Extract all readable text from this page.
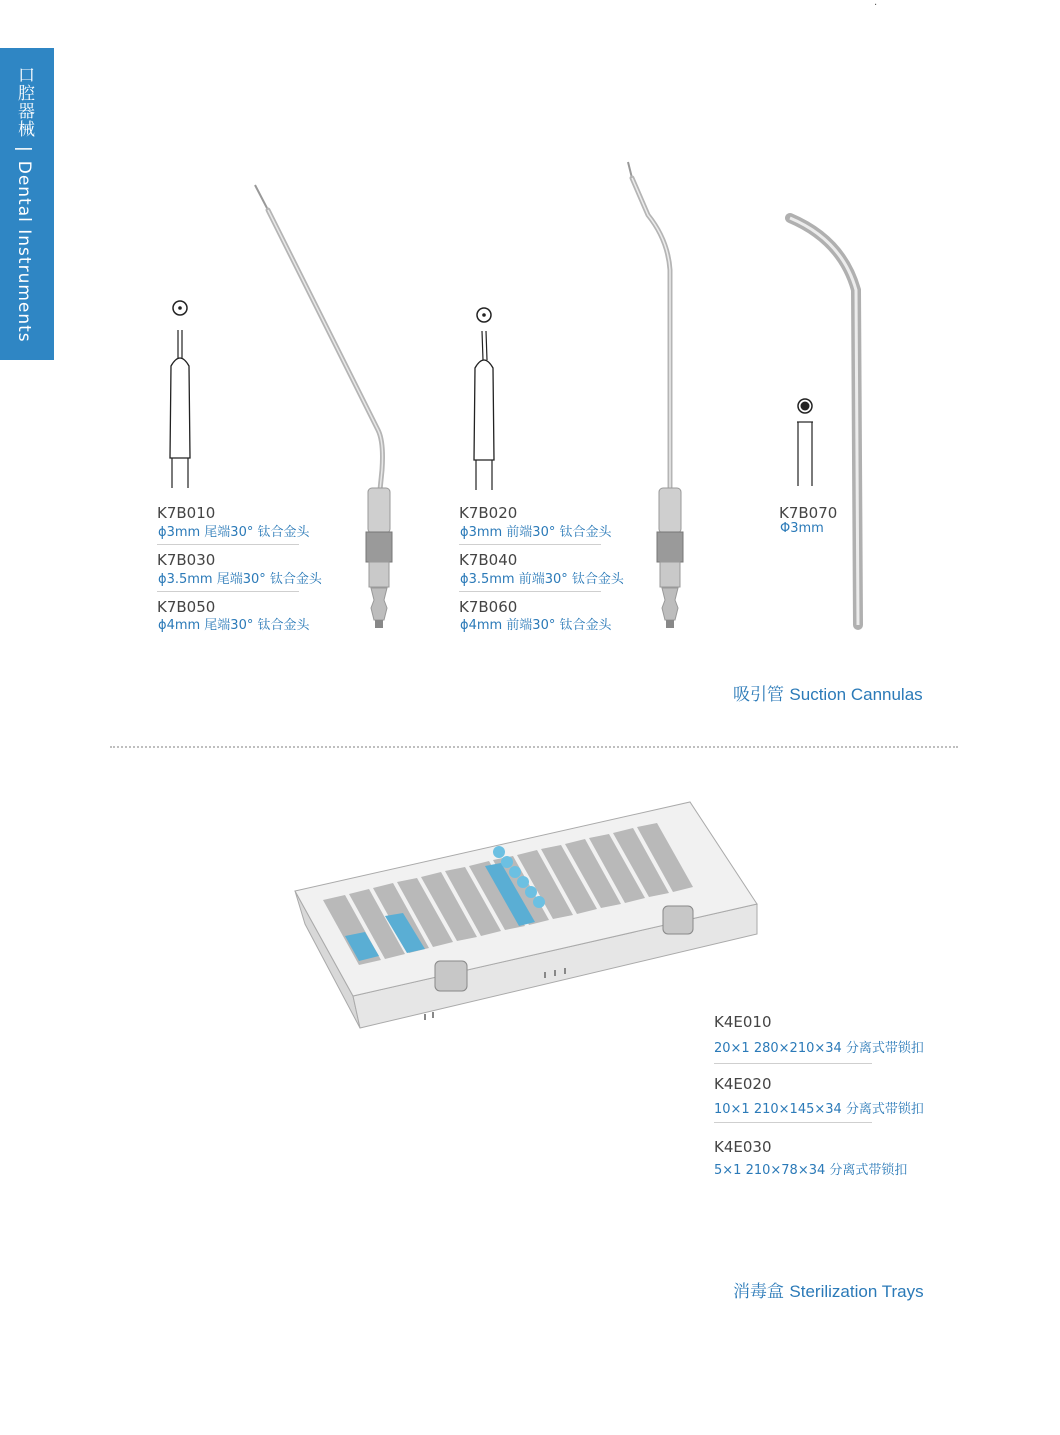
口腔器械|Dental Instruments
·
K7B010
ϕ3mm 尾端30° 钛合金头
K7B030
ϕ3.5mm 尾端30° 钛合金头
K7B050
ϕ4mm 尾端30° 钛合金头
K7B020
ϕ3mm 前端30° 钛合金头
K7B040
ϕ3.5mm 前端30° 钛合金头
K7B060
ϕ4mm 前端30° 钛合金头
K7B070
Φ3mm
吸引管 Suction Cannulas
K4E010
20×1 280×210×34 分离式带锁扣
K4E020
10×1 210×145×34 分离式带锁扣
K4E030
5×1 210×78×34 分离式带锁扣
消毒盒 Sterilization Trays
